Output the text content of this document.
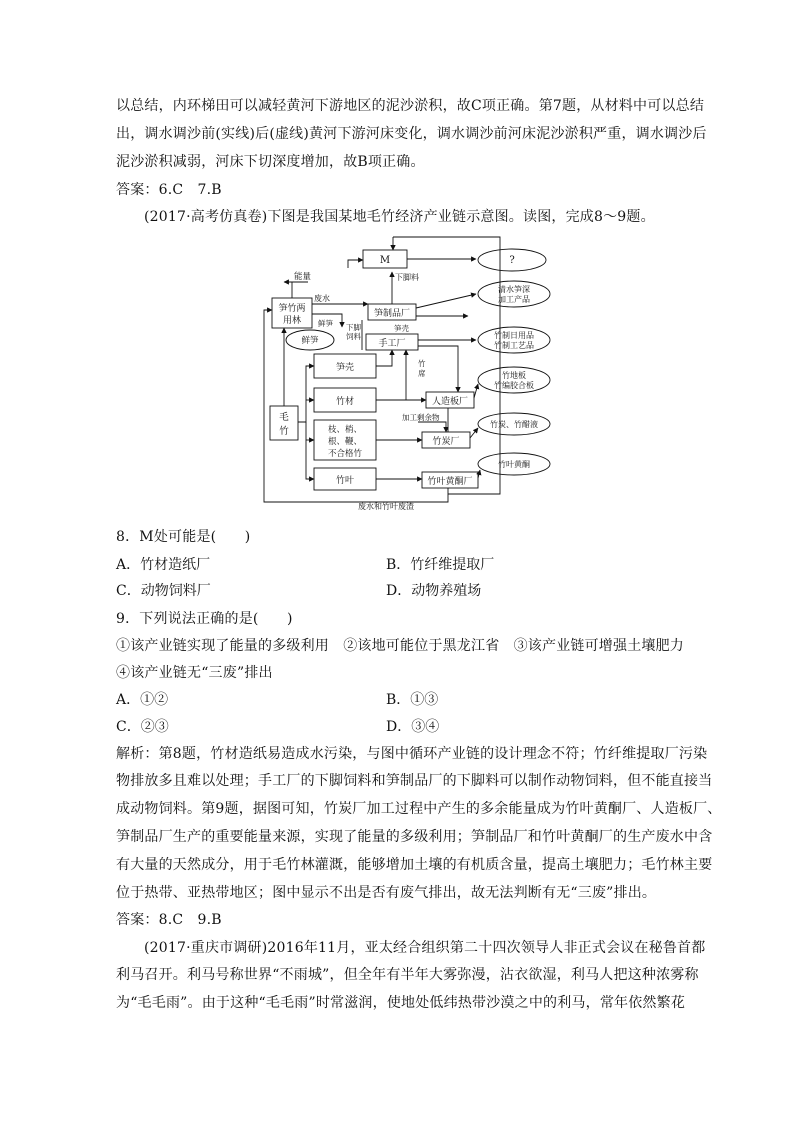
以总结，内环梯田可以减轻黄河下游地区的泥沙淤积，故C项正确。第7题，从材料中可以总结
出，调水调沙前(实线)后(虚线)黄河下游河床变化，调水调沙前河床泥沙淤积严重，调水调沙后
泥沙淤积减弱，河床下切深度增加，故B项正确。
答案：6.C　7.B
(2017·高考仿真卷)下图是我国某地毛竹经济产业链示意图。读图，完成8～9题。
M	?
笋制品厂
手工厂
人造板厂
竹炭厂
竹叶黄酮厂
笋壳
竹材
枝、梢、
根、鞭、
不合格竹
竹叶
毛
竹
笋竹两
用林
鲜笋
清水笋深
加工产品
竹制日用品
竹制工艺品
竹地板
竹编胶合板
竹炭、竹醋液
竹叶黄酮
能量	下脚料
废水
鲜笋 下脚
饲料
笋壳
竹
席
加工剩余物
废水和竹叶废渣
8．M处可能是(　　)
A．竹材造纸厂	B．竹纤维提取厂
C．动物饲料厂	D．动物养殖场
9．下列说法正确的是(　　)
①该产业链实现了能量的多级利用　②该地可能位于黑龙江省　③该产业链可增强土壤肥力
④该产业链无“三废”排出
A．①②	B．①③
C．②③	D．③④
解析：第8题，竹材造纸易造成水污染，与图中循环产业链的设计理念不符；竹纤维提取厂污染
物排放多且难以处理；手工厂的下脚饲料和笋制品厂的下脚料可以制作动物饲料，但不能直接当
成动物饲料。第9题，据图可知，竹炭厂加工过程中产生的多余能量成为竹叶黄酮厂、人造板厂、
笋制品厂生产的重要能量来源，实现了能量的多级利用；笋制品厂和竹叶黄酮厂的生产废水中含
有大量的天然成分，用于毛竹林灌溉，能够增加土壤的有机质含量，提高土壤肥力；毛竹林主要
位于热带、亚热带地区；图中显示不出是否有废气排出，故无法判断有无“三废”排出。
答案：8.C　9.B
(2017·重庆市调研)2016年11月，亚太经合组织第二十四次领导人非正式会议在秘鲁首都
利马召开。利马号称世界“不雨城”，但全年有半年大雾弥漫，沾衣欲湿，利马人把这种浓雾称
为“毛毛雨”。由于这种“毛毛雨”时常滋润，使地处低纬热带沙漠之中的利马，常年依然繁花
